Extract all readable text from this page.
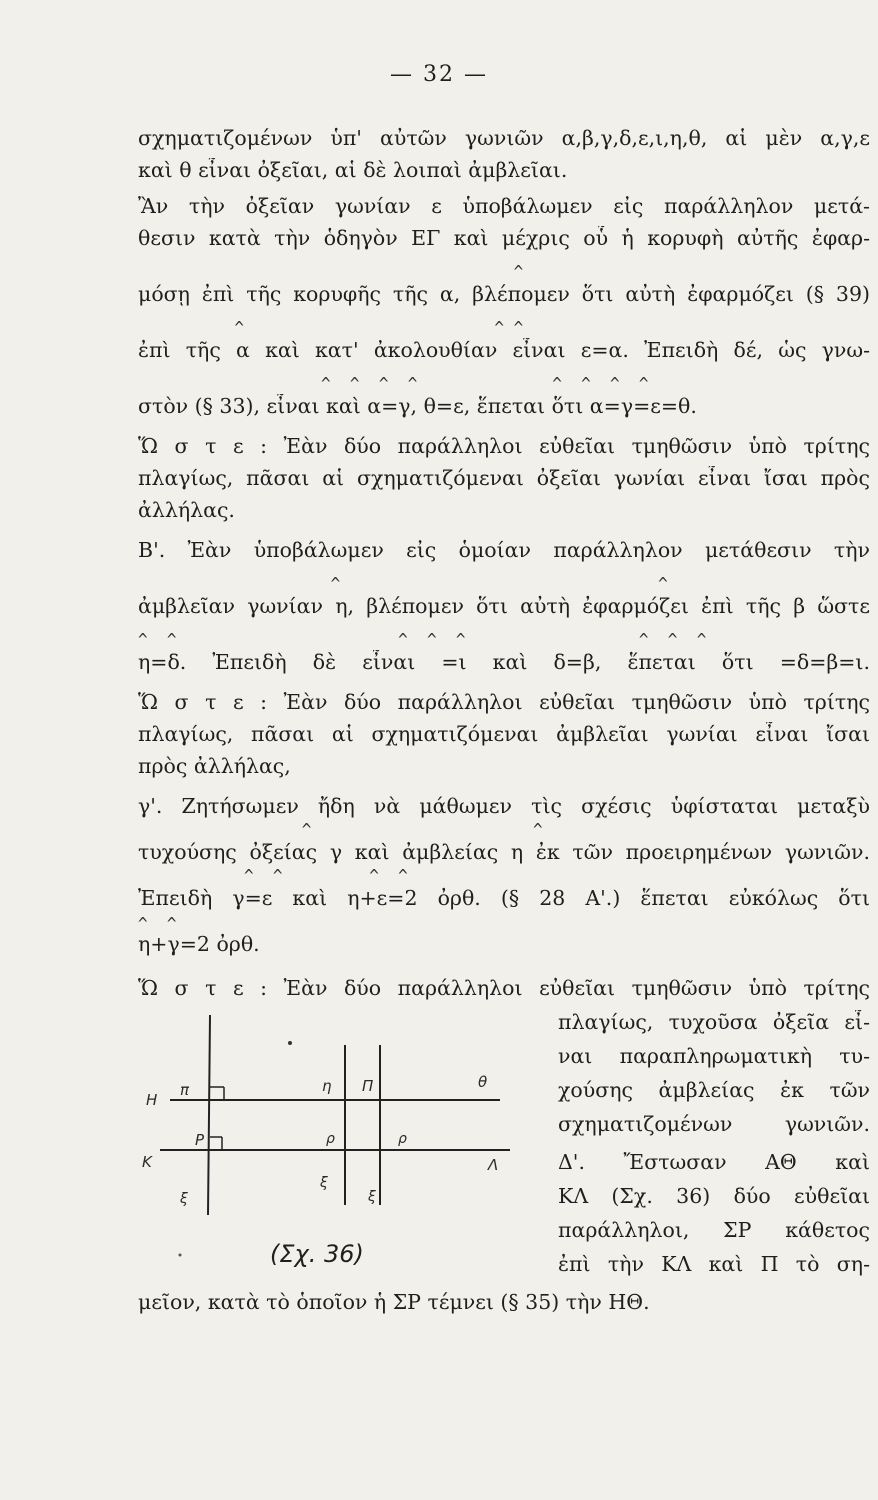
— 32 —
σχηματιζομένων ὑπ' αὐτῶν γωνιῶν α,β,γ,δ,ε,ι,η,θ, αἱ μὲν α,γ,ε
καὶ θ εἶναι ὀξεῖαι, αἱ δὲ λοιπαὶ ἀμβλεῖαι.
Ἂν τὴν ὀξεῖαν γωνίαν ε ὑποβάλωμεν εἰς παράλληλον μετά-
θεσιν κατὰ τὴν ὁδηγὸν ΕΓ καὶ μέχρις οὗ ἡ κορυφὴ αὐτῆς ἐφαρ-
^
μόσῃ ἐπὶ τῆς κορυφῆς τῆς α, βλέπομεν ὅτι αὐτὴ ἐφαρμόζει (§ 39)
^                          ^ ^
ἐπὶ τῆς α καὶ κατ' ἀκολουθίαν εἶναι ε=α. Ἐπειδὴ δέ, ὡς γνω-
^  ^  ^  ^              ^  ^  ^  ^
στὸν (§ 33), εἶναι καὶ α=γ, θ=ε, ἕπεται ὅτι α=γ=ε=θ.
Ὥ σ τ ε : Ἐὰν δύο παράλληλοι εὐθεῖαι τμηθῶσιν ὑπὸ τρίτης
πλαγίως, πᾶσαι αἱ σχηματιζόμεναι ὀξεῖαι γωνίαι εἶναι ἴσαι πρὸς
ἀλλήλας.
Β'. Ἐὰν ὑποβάλωμεν εἰς ὁμοίαν παράλληλον μετάθεσιν τὴν
^                                 ^
ἀμβλεῖαν γωνίαν η, βλέπομεν ὅτι αὐτὴ ἐφαρμόζει ἐπὶ τῆς β ὥστε
^  ^                       ^  ^  ^                  ^  ^  ^
η=δ. Ἐπειδὴ δὲ εἶναι =ι καὶ δ=β, ἕπεται ὅτι =δ=β=ι.
Ὥ σ τ ε : Ἐὰν δύο παράλληλοι εὐθεῖαι τμηθῶσιν ὑπὸ τρίτης
πλαγίως, πᾶσαι αἱ σχηματιζόμεναι ἀμβλεῖαι γωνίαι εἶναι ἴσαι
πρὸς ἀλλήλας,
γ'. Ζητήσωμεν ἤδη νὰ μάθωμεν τὶς σχέσις ὑφίσταται μεταξὺ
^                       ^
τυχούσης ὀξείας γ καὶ ἀμβλείας η ἐκ τῶν προειρημένων γωνιῶν.
^  ^         ^  ^
Ἐπειδὴ γ=ε καὶ η+ε=2 ὀρθ. (§ 28 Α'.) ἕπεται εὐκόλως ὅτι
^  ^
η+γ=2 ὀρθ.
Ὥ σ τ ε : Ἐὰν δύο παράλληλοι εὐθεῖαι τμηθῶσιν ὑπὸ τρίτης
πλαγίως, τυχοῦσα ὀξεῖα εἶ-
ναι παραπληρωματικὴ τυ-
χούσης ἀμβλείας ἐκ τῶν
σχηματιζομένων γωνιῶν.
Δ'. Ἔστωσαν ΑΘ καὶ
ΚΛ (Σχ. 36) δύο εὐθεῖαι
παράλληλοι, ΣΡ κάθετος
ἐπὶ τὴν ΚΛ καὶ Π τὸ ση-
Η
π	η Π	θ
Ρ	ρ	ρ
Κ	Λ
ξ
ξ
ξ
(Σχ. 36)
μεῖον, κατὰ τὸ ὁποῖον ἡ ΣΡ τέμνει (§ 35) τὴν ΗΘ.
